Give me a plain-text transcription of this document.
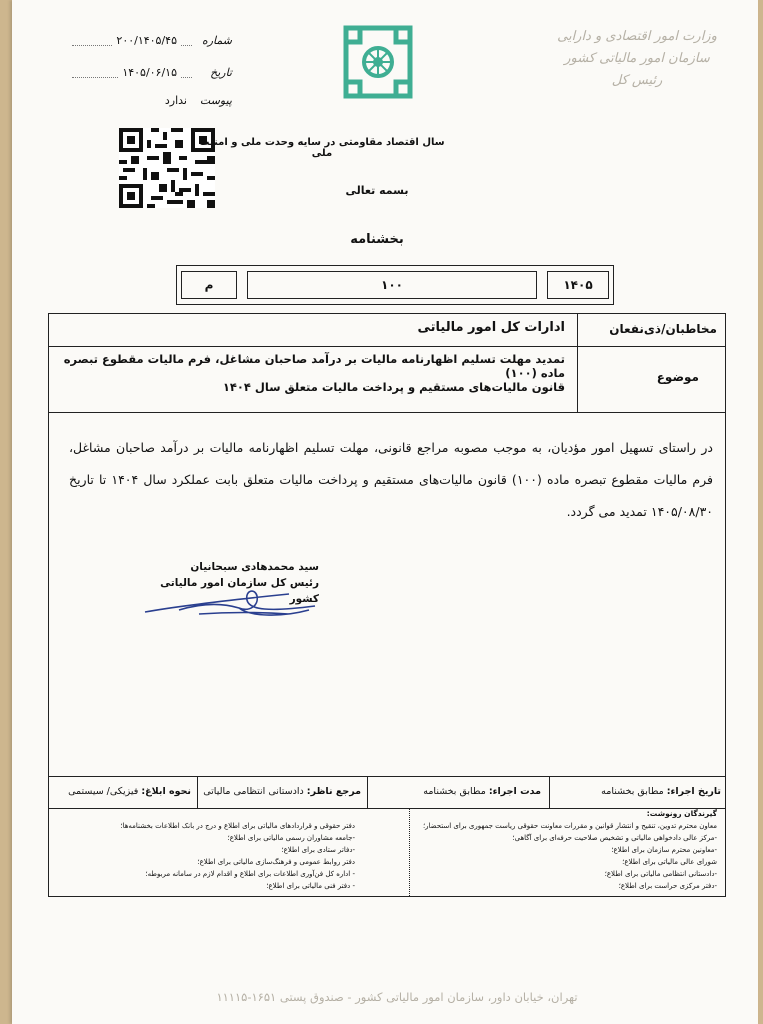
وزارت امور اقتصادی و دارایی
سازمان امور مالیاتی کشور
رئیس کل
شماره
۲۰۰/۱۴۰۵/۴۵
تاریخ
۱۴۰۵/۰۶/۱۵
پیوست
ندارد
سال اقتصاد مقاومتی در سایه وحدت ملی و امنیت ملی
بسمه تعالی
بخشنامه
۱۴۰۵
۱۰۰
م
مخاطبان/ذی‌نفعان
ادارات کل امور مالیاتی
موضوع
تمدید مهلت تسلیم اظهارنامه مالیات بر درآمد صاحبان مشاغل، فرم مالیات مقطوع تبصره ماده (۱۰۰)
قانون مالیات‌های مستقیم و پرداخت مالیات متعلق سال ۱۴۰۴
در راستای تسهیل امور مؤدیان، به موجب مصوبه مراجع قانونی، مهلت تسلیم اظهارنامه مالیات بر درآمد صاحبان مشاغل، فرم مالیات مقطوع تبصره ماده (۱۰۰) قانون مالیات‌های مستقیم و پرداخت مالیات متعلق بابت عملکرد سال ۱۴۰۴ تا تاریخ ۱۴۰۵/۰۸/۳۰ تمدید می گردد.
سید محمدهادی سبحانیان
رئیس کل سازمان امور مالیاتی کشور
تاریخ اجراء: مطابق بخشنامه
مدت اجراء: مطابق بخشنامه
مرجع ناظر: دادستانی انتظامی مالیاتی
نحوه ابلاغ: فیزیکی/ سیستمی
گیرندگان رونوشت:
معاون محترم تدوین، تنقیح و انتشار قوانین و مقررات معاونت حقوقی ریاست جمهوری برای استحضار؛
-مرکز عالی دادخواهی مالیاتی و تشخیص صلاحیت حرفه‌ای برای آگاهی؛
-معاونین محترم سازمان برای اطلاع؛
شورای عالی مالیاتی برای اطلاع؛
-دادستانی انتظامی مالیاتی برای اطلاع؛
-دفتر مرکزی حراست برای اطلاع؛
دفتر حقوقی و قراردادهای مالیاتی برای اطلاع و درج در بانک اطلاعات بخشنامه‌ها؛
-جامعه مشاوران رسمی مالیاتی برای اطلاع؛
-دفاتر ستادی برای اطلاع؛
دفتر روابط عمومی و فرهنگ‌سازی مالیاتی برای اطلاع؛
- اداره کل فن‌آوری اطلاعات برای اطلاع و اقدام لازم در سامانه مربوطه؛
- دفتر فنی مالیاتی برای اطلاع؛
تهران، خیابان داور، سازمان امور مالیاتی کشور - صندوق پستی ۱۶۵۱-۱۱۱۱۵
